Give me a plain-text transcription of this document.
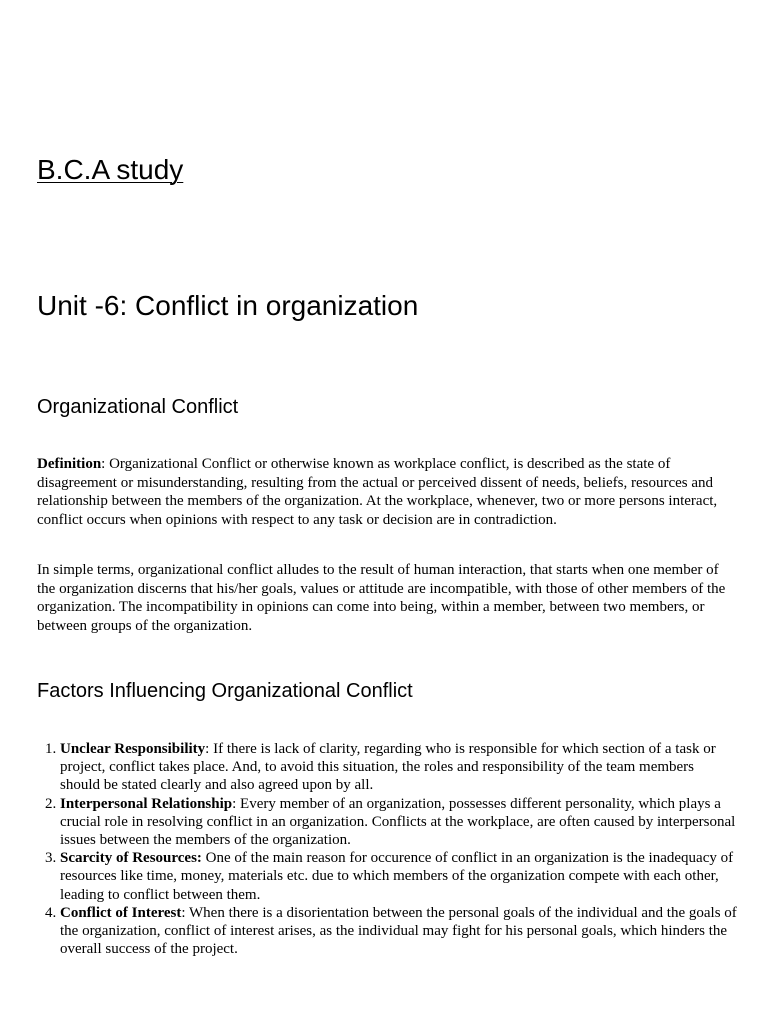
B.C.A study
Unit -6: Conflict in organization
Organizational Conflict

Definition: Organizational Conflict or otherwise known as workplace conflict, is described as the state of disagreement or misunderstanding, resulting from the actual or perceived dissent of needs, beliefs, resources and relationship between the members of the organization. At the workplace, whenever, two or more persons interact, conflict occurs when opinions with respect to any task or decision are in contradiction.

In simple terms, organizational conflict alludes to the result of human interaction, that starts when one member of the organization discerns that his/her goals, values or attitude are incompatible, with those of other members of the organization. The incompatibility in opinions can come into being, within a member, between two members, or between groups of the organization.

Factors Influencing Organizational Conflict
1. Unclear Responsibility: If there is lack of clarity, regarding who is responsible for which section of a task or project, conflict takes place. And, to avoid this situation, the roles and responsibility of the team members should be stated clearly and also agreed upon by all.
2. Interpersonal Relationship: Every member of an organization, possesses different personality, which plays a crucial role in resolving conflict in an organization. Conflicts at the workplace, are often caused by interpersonal issues between the members of the organization.
3. Scarcity of Resources: One of the main reason for occurence of conflict in an organization is the inadequacy of resources like time, money, materials etc. due to which members of the organization compete with each other, leading to conflict between them.
4. Conflict of Interest: When there is a disorientation between the personal goals of the individual and the goals of the organization, conflict of interest arises, as the individual may fight for his personal goals, which hinders the overall success of the project.
